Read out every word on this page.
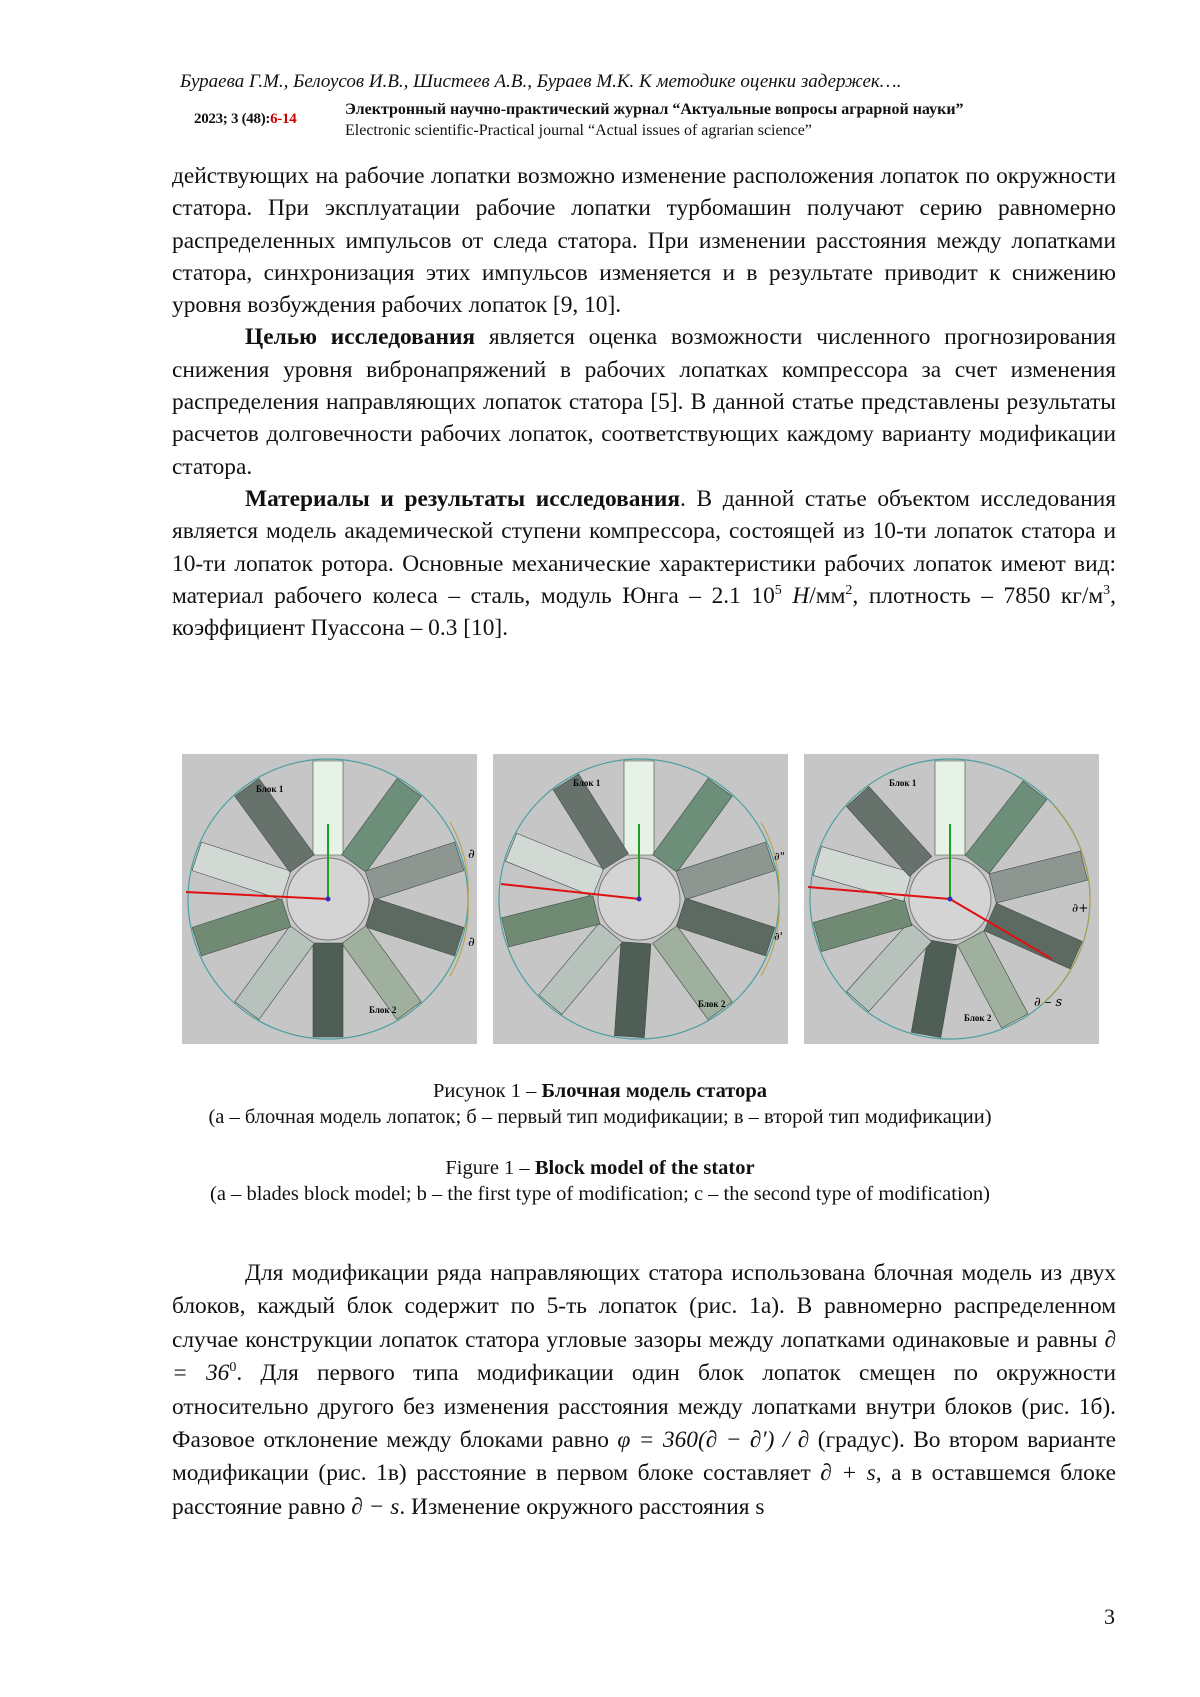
Бураева Г.М., Белоусов И.В., Шистеев А.В., Бураев М.К. К методике оценки задержек….
2023; 3 (48):6-14
Электронный научно-практический журнал “Актуальные вопросы аграрной науки”
Electronic scientific-Practical journal “Actual issues of agrarian science”

действующих на рабочие лопатки возможно изменение расположения лопаток по окружности статора. При эксплуатации рабочие лопатки турбомашин получают серию равномерно распределенных импульсов от следа статора. При изменении расстояния между лопатками статора, синхронизация этих импульсов изменяется и в результате приводит к снижению уровня возбуждения рабочих лопаток [9, 10].

Целью исследования является оценка возможности численного прогнозирования снижения уровня вибронапряжений в рабочих лопатках компрессора за счет изменения распределения направляющих лопаток статора [5]. В данной статье представлены результаты расчетов долговечности рабочих лопаток, соответствующих каждому варианту модификации статора.

Материалы и результаты исследования. В данной статье объектом исследования является модель академической ступени компрессора, состоящей из 10-ти лопаток статора и 10-ти лопаток ротора. Основные механические характеристики рабочих лопаток имеют вид: материал рабочего колеса – сталь, модуль Юнга – 2.1 $10^5$ $Н/мм^2$, плотность – 7850 $кг/м^3$, коэффициент Пуассона – 0.3 [10].

Блок 1
Блок 2
∂
∂
Блок 1
Блок 2
∂"
∂'
Блок 1
Блок 2
∂+
∂ – s
Рисунок 1 – Блочная модель статора
(а – блочная модель лопаток; б – первый тип модификации; в – второй тип модификации)
Figure 1 – Block model of the stator
(a – blades block model; b – the first type of modification; c – the second type of modification)

Для модификации ряда направляющих статора использована блочная модель из двух блоков, каждый блок содержит по 5-ть лопаток (рис. 1а). В равномерно распределенном случае конструкции лопаток статора угловые зазоры между лопатками одинаковые и равны ∂ = $36^0$. Для первого типа модификации один блок лопаток смещен по окружности относительно другого без изменения расстояния между лопатками внутри блоков (рис. 1б). Фазовое отклонение между блоками равно φ = 360(∂ − ∂′) / ∂ (градус). Во втором варианте модификации (рис. 1в) расстояние в первом блоке составляет ∂ + s, а в оставшемся блоке расстояние равно ∂ − s. Изменение окружного расстояния s

3
